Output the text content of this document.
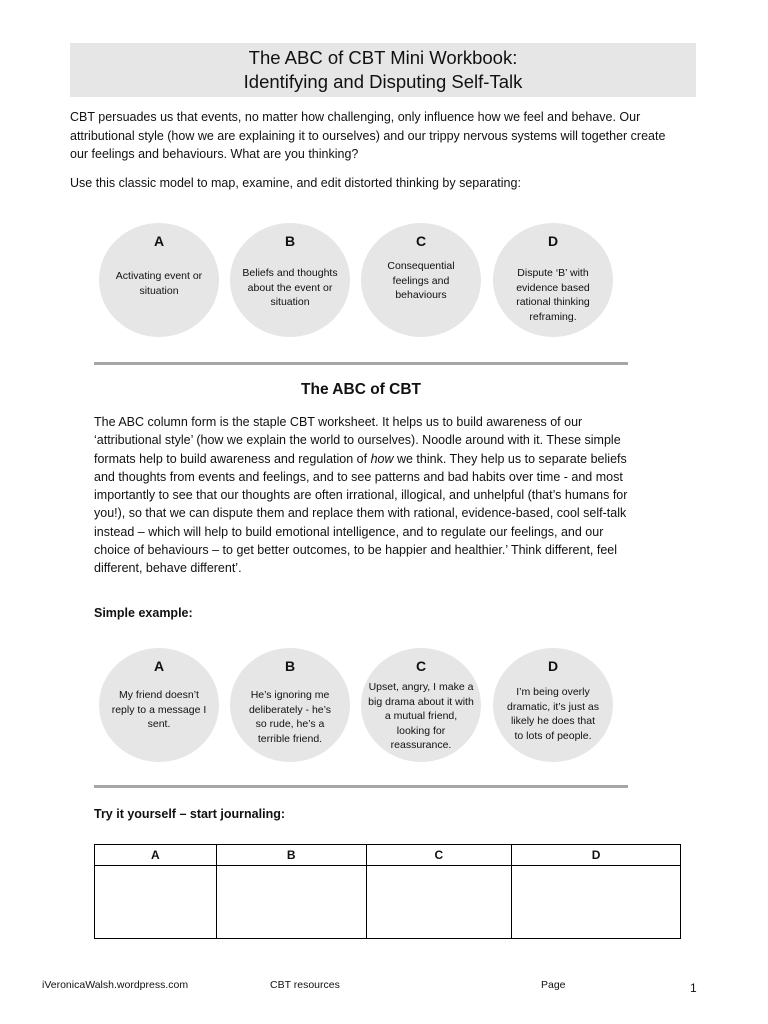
The ABC of CBT Mini Workbook:
Identifying and Disputing Self-Talk
CBT persuades us that events, no matter how challenging, only influence how we feel and behave. Our attributional style (how we are explaining it to ourselves) and our trippy nervous systems will together create our feelings and behaviours. What are you thinking?
Use this classic model to map, examine, and edit distorted thinking by separating:
A
Activating event or situation
B
Beliefs and thoughts about the event or situation
C
Consequential feelings and behaviours
D
Dispute ‘B’ with evidence based rational thinking reframing.
The ABC of CBT
The ABC column form is the staple CBT worksheet. It helps us to build awareness of our ‘attributional style’ (how we explain the world to ourselves). Noodle around with it. These simple formats help to build awareness and regulation of how we think. They help us to separate beliefs and thoughts from events and feelings, and to see patterns and bad habits over time - and most importantly to see that our thoughts are often irrational, illogical, and unhelpful (that’s humans for you!), so that we can dispute them and replace them with rational, evidence-based, cool self-talk instead – which will help to build emotional intelligence, and to regulate our feelings, and our choice of behaviours – to get better outcomes, to be happier and healthier.’ Think different, feel different, behave different’.
Simple example:
A
My friend doesn’t reply to a message I sent.
B
He’s ignoring me deliberately - he’s so rude, he’s a terrible friend.
C
Upset, angry, I make a big drama about it with a mutual friend, looking for reassurance.
D
I’m being overly dramatic, it’s just as likely he does that to lots of people.
Try it yourself – start journaling:
A	B	C	D

iVeronicaWalsh.wordpress.com	CBT resources	Page	1
